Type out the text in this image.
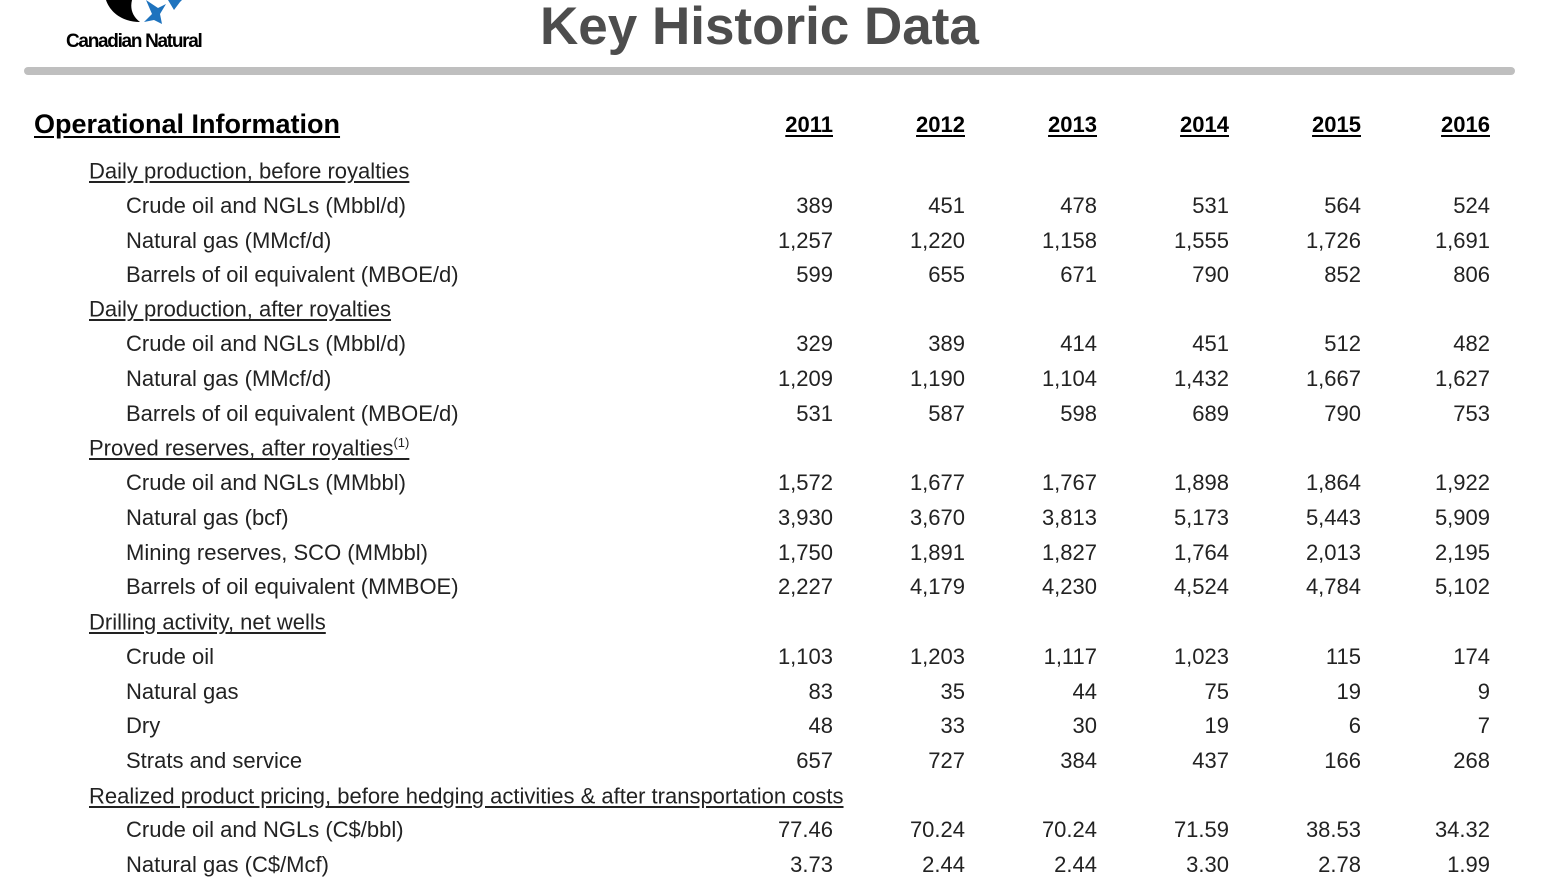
Canadian Natural	Key Historic Data
Operational Information	2011	2012	2013	2014	2015	2016
Daily production, before royalties
Crude oil and NGLs (Mbbl/d)	389	451	478	531	564	524
Natural gas (MMcf/d)	1,257	1,220	1,158	1,555	1,726	1,691
Barrels of oil equivalent (MBOE/d)	599	655	671	790	852	806
Daily production, after royalties
Crude oil and NGLs (Mbbl/d)	329	389	414	451	512	482
Natural gas (MMcf/d)	1,209	1,190	1,104	1,432	1,667	1,627
Barrels of oil equivalent (MBOE/d)	531	587	598	689	790	753
Proved reserves, after royalties$^{(1)}$
Crude oil and NGLs (MMbbl)	1,572	1,677	1,767	1,898	1,864	1,922
Natural gas (bcf)	3,930	3,670	3,813	5,173	5,443	5,909
Mining reserves, SCO (MMbbl)	1,750	1,891	1,827	1,764	2,013	2,195
Barrels of oil equivalent (MMBOE)	2,227	4,179	4,230	4,524	4,784	5,102
Drilling activity, net wells
Crude oil	1,103	1,203	1,117	1,023	115	174
Natural gas	83	35	44	75	19	9
Dry	48	33	30	19	6	7
Strats and service	657	727	384	437	166	268
Realized product pricing, before hedging activities & after transportation costs
Crude oil and NGLs (C$/bbl)	77.46	70.24	70.24	71.59	38.53	34.32
Natural gas (C$/Mcf)	3.73	2.44	2.44	3.30	2.78	1.99
